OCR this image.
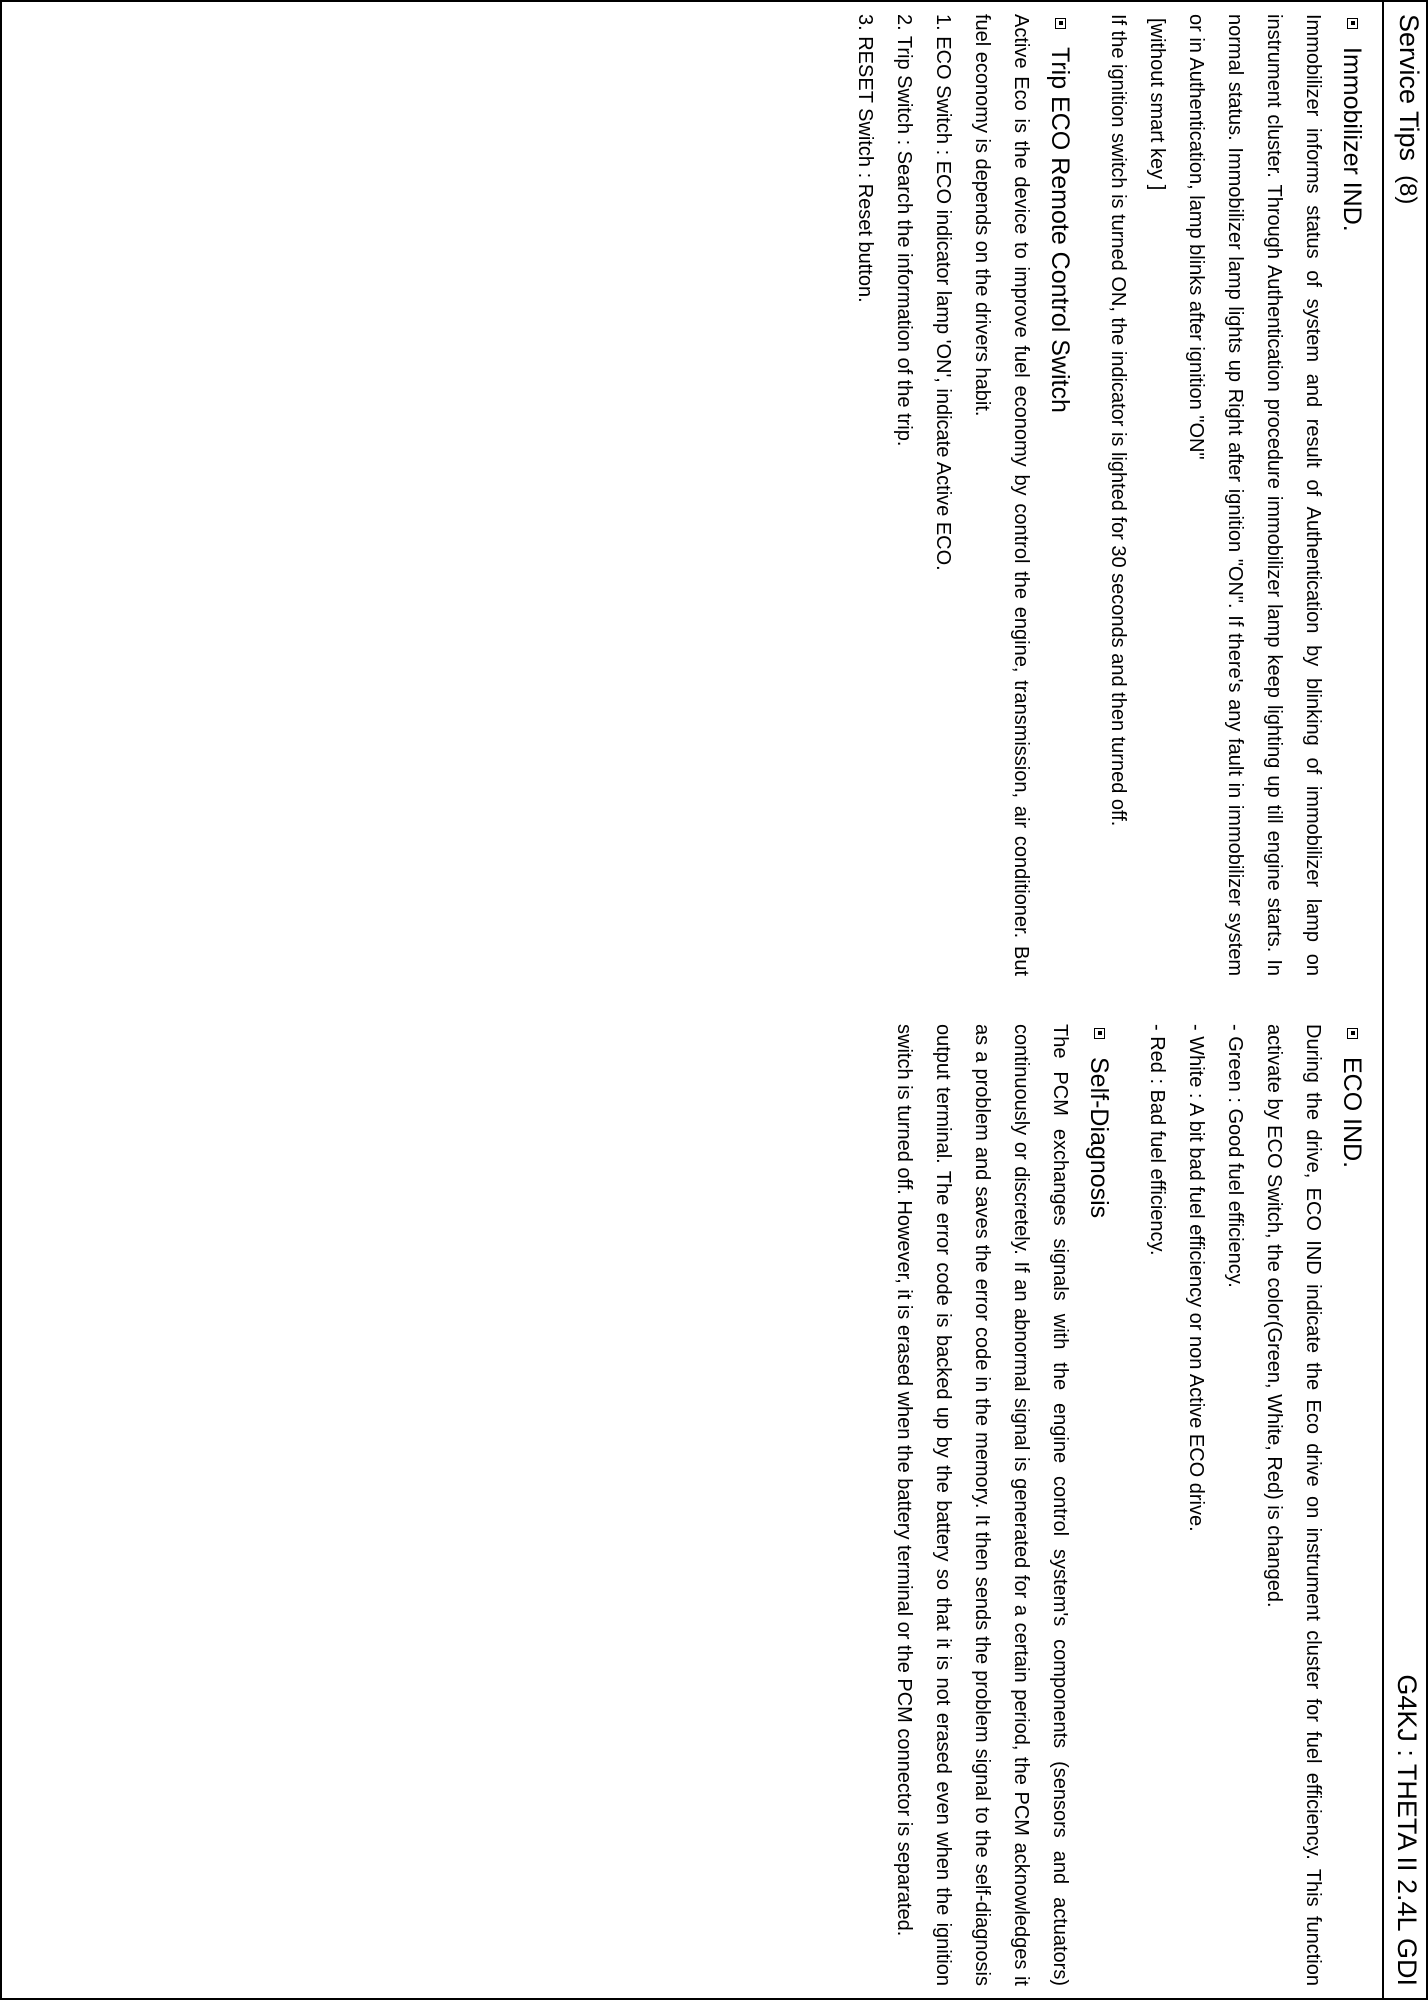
Service Tips(8)
G4KJ : THETA II 2.4L GDI
Immobilizer IND.

Immobilizer informs status of system and result of Authentication by blinking of immobilizer lamp on instrument cluster. Through Authentication procedure immobilizer lamp keep lighting up till engine starts. In normal status. Immobilizer lamp lights up Right after ignition "ON". If there's any fault in immobilizer system or in Authentication, lamp blinks after ignition "ON"

[without smart key ]

If the ignition switch is turned ON, the indicator is lighted for 30 seconds and then turned off.

Trip ECO Remote Control Switch

Active Eco is the device to improve fuel economy by control the engine, transmission, air conditioner. But fuel economy is depends on the drivers habit.

1. ECO Switch : ECO indicator lamp 'ON', indicate Active ECO.

2. Trip Switch : Search the information of the trip.

3. RESET Switch : Reset button.

ECO IND.

During the drive, ECO IND indicate the Eco drive on instrument cluster for fuel efficiency. This function activate by ECO Switch, the color(Green, White, Red) is changed.

- Green : Good fuel efficiency.

- White : A bit bad fuel efficiency or non Active ECO drive.

- Red : Bad fuel efficiency.

Self-Diagnosis

The PCM exchanges signals with the engine control system's components (sensors and actuators) continuously or discretely. If an abnormal signal is generated for a certain period, the PCM acknowledges it as a problem and saves the error code in the memory. It then sends the problem signal to the self-diagnosis output terminal. The error code is backed up by the battery so that it is not erased even when the ignition switch is turned off. However, it is erased when the battery terminal or the PCM connector is separated.
